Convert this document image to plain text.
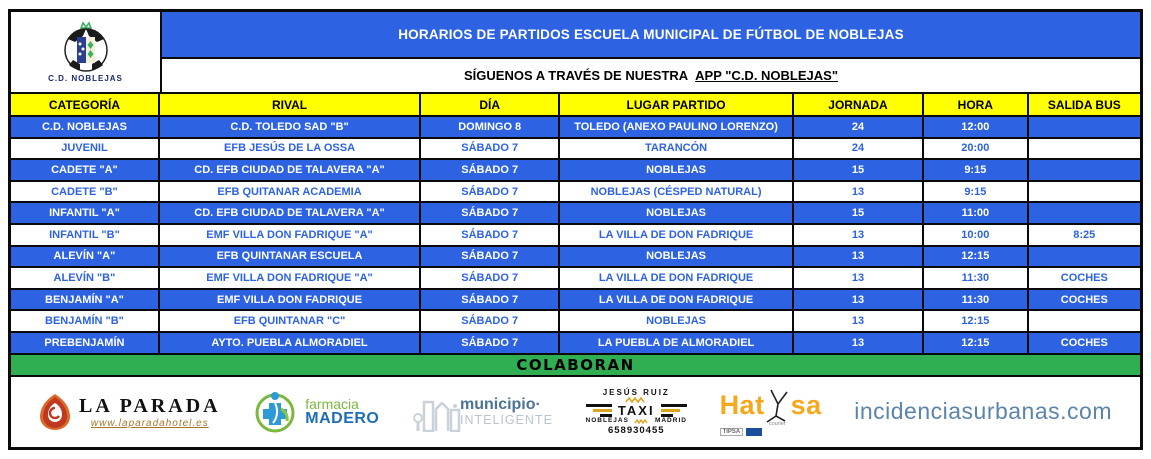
C.D. NOBLEJAS
HORARIOS DE PARTIDOS ESCUELA MUNICIPAL DE FÚTBOL DE NOBLEJAS
SÍGUENOS A TRAVÉS DE NUESTRA APP "C.D. NOBLEJAS"
CATEGORÍA	RIVAL	DÍA	LUGAR PARTIDO	JORNADA	HORA	SALIDA BUS
C.D. NOBLEJAS	C.D. TOLEDO SAD "B"	DOMINGO 8	TOLEDO (ANEXO PAULINO LORENZO)	24	12:00
JUVENIL	EFB JESÚS DE LA OSSA	SÁBADO 7	TARANCÓN	24	20:00
CADETE "A"	CD. EFB CIUDAD DE TALAVERA "A"	SÁBADO 7	NOBLEJAS	15	9:15
CADETE "B"	EFB QUITANAR ACADEMIA	SÁBADO 7	NOBLEJAS (CÉSPED NATURAL)	13	9:15
INFANTIL "A"	CD. EFB CIUDAD DE TALAVERA "A"	SÁBADO 7	NOBLEJAS	15	11:00
INFANTIL "B"	EMF VILLA DON FADRIQUE "A"	SÁBADO 7	LA VILLA DE DON FADRIQUE	13	10:00	8:25
ALEVÍN "A"	EFB QUINTANAR ESCUELA	SÁBADO 7	NOBLEJAS	13	12:15
ALEVÍN "B"	EMF VILLA DON FADRIQUE "A"	SÁBADO 7	LA VILLA DE DON FADRIQUE	13	11:30	COCHES
BENJAMÍN "A"	EMF VILLA DON FADRIQUE	SÁBADO 7	LA VILLA DE DON FADRIQUE	13	11:30	COCHES
BENJAMÍN "B"	EFB QUINTANAR "C"	SÁBADO 7	NOBLEJAS	13	12:15
PREBENJAMÍN	AYTO. PUEBLA ALMORADIEL	SÁBADO 7	LA PUEBLA DE ALMORADIEL	13	12:15	COCHES
COLABORAN
LA PARADA
www.laparadahotel.es
farmacia
MADERO
municipio·
INTELIGENTE
JESÚS RUIZ
TAXI
NOBLEJAS	MADRID
658930455
Hat sa
courier
TIPSA
incidenciasurbanas.com
